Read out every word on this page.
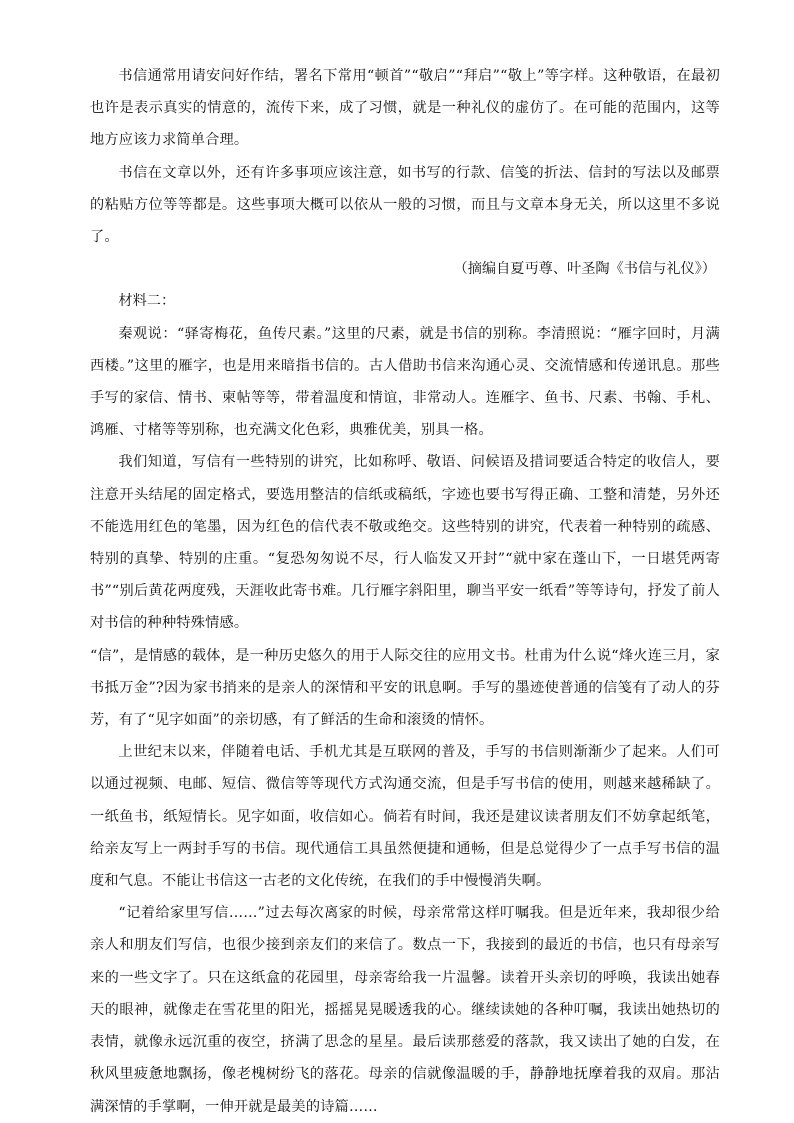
书信通常用请安问好作结，署名下常用“顿首”“敬启”“拜启”“敬上”等字样。这种敬语，在最初也许是表示真实的情意的，流传下来，成了习惯，就是一种礼仪的虚仿了。在可能的范围内，这等地方应该力求简单合理。

书信在文章以外，还有许多事项应该注意，如书写的行款、信笺的折法、信封的写法以及邮票的粘贴方位等等都是。这些事项大概可以依从一般的习惯，而且与文章本身无关，所以这里不多说了。

（摘编自夏丏尊、叶圣陶《书信与礼仪》）

材料二：

秦观说：“驿寄梅花，鱼传尺素。”这里的尺素，就是书信的别称。李清照说：“雁字回时，月满西楼。”这里的雁字，也是用来暗指书信的。古人借助书信来沟通心灵、交流情感和传递讯息。那些手写的家信、情书、柬帖等等，带着温度和情谊，非常动人。连雁字、鱼书、尺素、书翰、手札、鸿雁、寸楮等等别称，也充满文化色彩，典雅优美，别具一格。

我们知道，写信有一些特别的讲究，比如称呼、敬语、问候语及措词要适合特定的收信人，要注意开头结尾的固定格式，要选用整洁的信纸或稿纸，字迹也要书写得正确、工整和清楚，另外还不能选用红色的笔墨，因为红色的信代表不敬或绝交。这些特别的讲究，代表着一种特别的疏感、特别的真挚、特别的庄重。“复恐匆匆说不尽，行人临发又开封”“就中家在蓬山下，一日堪凭两寄书”“别后黄花两度残，天涯收此寄书难。几行雁字斜阳里，聊当平安一纸看”等等诗句，抒发了前人对书信的种种特殊情感。

“信”，是情感的载体，是一种历史悠久的用于人际交往的应用文书。杜甫为什么说“烽火连三月，家书抵万金”?因为家书捎来的是亲人的深情和平安的讯息啊。手写的墨迹使普通的信笺有了动人的芬芳，有了“见字如面”的亲切感，有了鲜活的生命和滚烫的情怀。

上世纪末以来，伴随着电话、手机尤其是互联网的普及，手写的书信则渐渐少了起来。人们可以通过视频、电邮、短信、微信等等现代方式沟通交流，但是手写书信的使用，则越来越稀缺了。一纸鱼书，纸短情长。见字如面，收信如心。倘若有时间，我还是建议读者朋友们不妨拿起纸笔，给亲友写上一两封手写的书信。现代通信工具虽然便捷和通畅，但是总觉得少了一点手写书信的温度和气息。不能让书信这一古老的文化传统，在我们的手中慢慢消失啊。

“记着给家里写信……”过去每次离家的时候，母亲常常这样叮嘱我。但是近年来，我却很少给亲人和朋友们写信，也很少接到亲友们的来信了。数点一下，我接到的最近的书信，也只有母亲写来的一些文字了。只在这纸盒的花园里，母亲寄给我一片温馨。读着开头亲切的呼唤，我读出她春天的眼神，就像走在雪花里的阳光，摇摇晃晃暖透我的心。继续读她的各种叮嘱，我读出她热切的表情，就像永远沉重的夜空，挤满了思念的星星。最后读那慈爱的落款，我又读出了她的白发，在秋风里疲惫地飘扬，像老槐树纷飞的落花。母亲的信就像温暖的手，静静地抚摩着我的双肩。那沾满深情的手掌啊，一伸开就是最美的诗篇……
